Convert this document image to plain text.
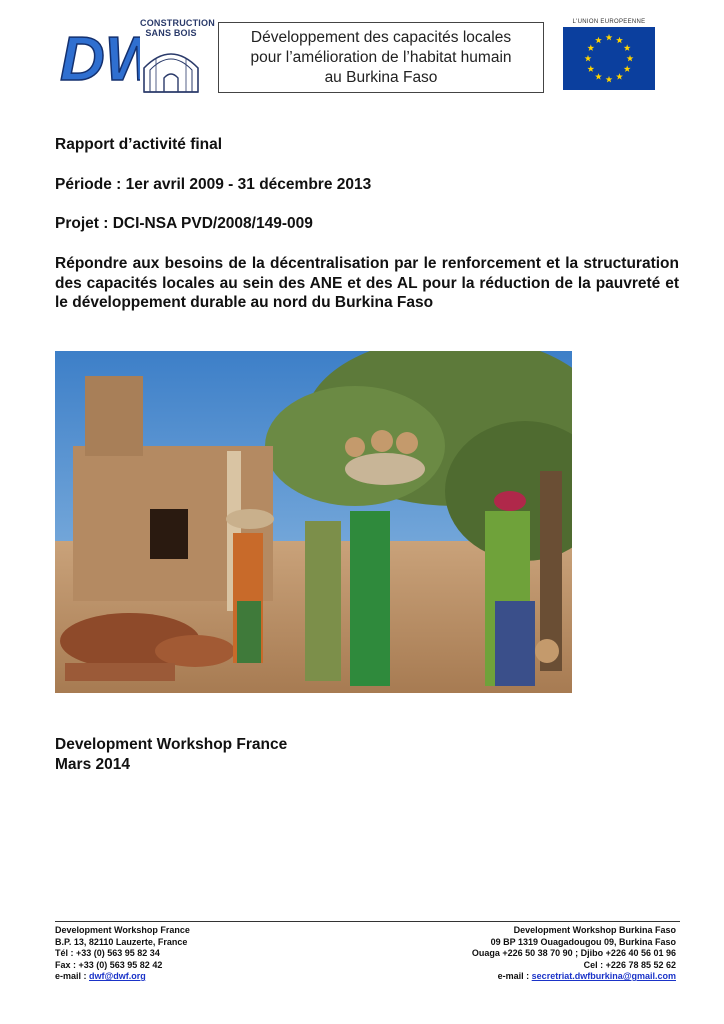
D
CONSTRUCTION
SANS BOIS	Développement des capacités locales
pour l’amélioration de l’habitat humain
au Burkina Faso
L'UNION EUROPEENNE
Rapport d’activité final
Période : 1er avril 2009 - 31 décembre 2013
Projet : DCI-NSA PVD/2008/149-009
Répondre aux besoins de la décentralisation par le renforcement et la structuration des capacités locales au sein des ANE et des AL pour la réduction de la pauvreté et le développement durable au nord du Burkina Faso
Development Workshop France
Mars 2014
Development Workshop France
B.P. 13, 82110 Lauzerte, France
Tél : +33 (0) 563 95 82 34
Fax : +33 (0) 563 95 82 42
e-mail : dwf@dwf.org
Development Workshop Burkina Faso
09 BP 1319 Ouagadougou 09, Burkina Faso
Ouaga +226 50 38 70 90 ; Djibo +226 40 56 01 96
Cel : +226 78 85 52 62
e-mail : secretriat.dwfburkina@gmail.com
